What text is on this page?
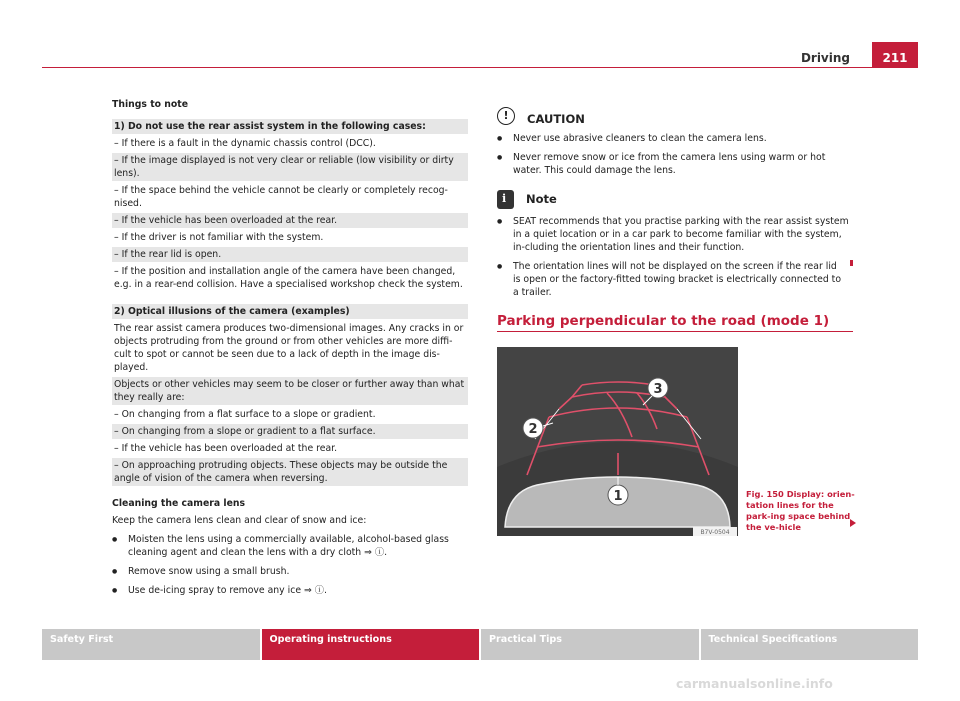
Driving	211
Things to note
1) Do not use the rear assist system in the following cases:
– If there is a fault in the dynamic chassis control (DCC).
– If the image displayed is not very clear or reliable (low visibility or dirty lens).
– If the space behind the vehicle cannot be clearly or completely recog-nised.
– If the vehicle has been overloaded at the rear.
– If the driver is not familiar with the system.
– If the rear lid is open.
– If the position and installation angle of the camera have been changed, e.g. in a rear-end collision. Have a specialised workshop check the system.
2) Optical illusions of the camera (examples)
The rear assist camera produces two-dimensional images. Any cracks in or objects protruding from the ground or from other vehicles are more diffi-cult to spot or cannot be seen due to a lack of depth in the image dis-played.
Objects or other vehicles may seem to be closer or further away than what they really are:
– On changing from a flat surface to a slope or gradient.
– On changing from a slope or gradient to a flat surface.
– If the vehicle has been overloaded at the rear.
– On approaching protruding objects. These objects may be outside the angle of vision of the camera when reversing.
Cleaning the camera lens
Keep the camera lens clean and clear of snow and ice:
●	Moisten the lens using a commercially available, alcohol-based glass cleaning agent and clean the lens with a dry cloth ⇒ ⓘ.
●	Remove snow using a small brush.
●	Use de-icing spray to remove any ice ⇒ ⓘ.
!	CAUTION
●	Never use abrasive cleaners to clean the camera lens.
●	Never remove snow or ice from the camera lens using warm or hot water. This could damage the lens.
i
Note
●	SEAT recommends that you practise parking with the rear assist system in a quiet location or in a car park to become familiar with the system, in-cluding the orientation lines and their function.
●	The orientation lines will not be displayed on the screen if the rear lid is open or the factory-fitted towing bracket is electrically connected to a trailer.
Parking perpendicular to the road (mode 1)
3
2
1
B7V-0504
Fig. 150 Display: orien-tation lines for the park-ing space behind the ve-hicle
Safety First	Operating instructions	Practical Tips	Technical Specifications
carmanualsonline.info
